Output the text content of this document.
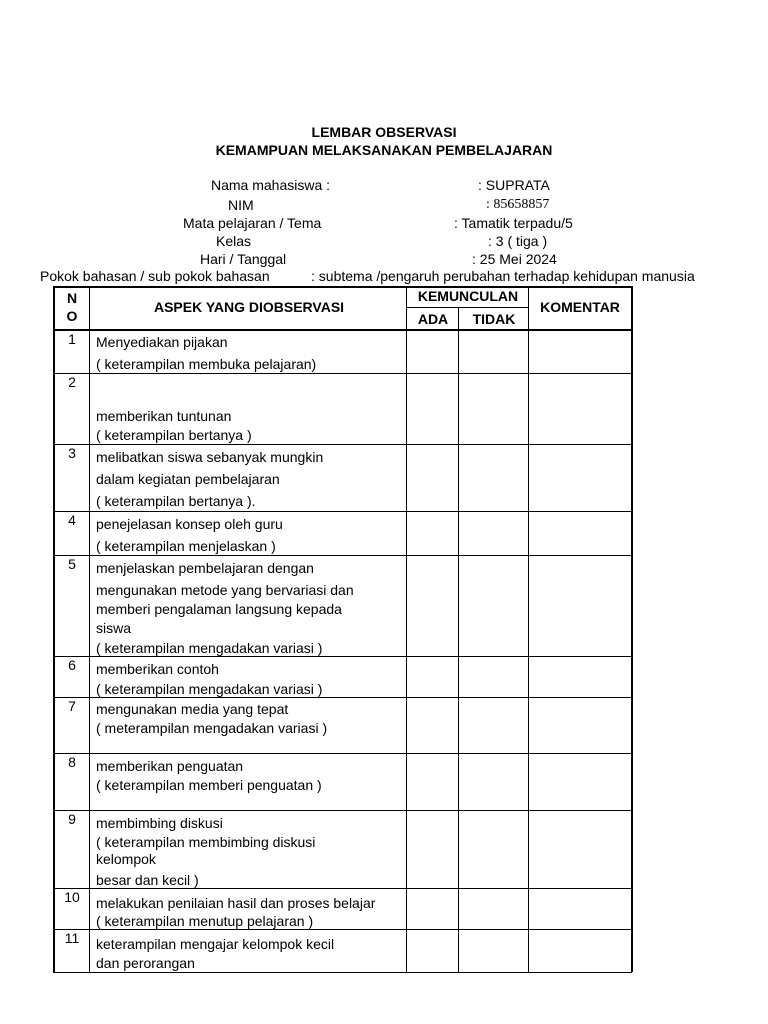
LEMBAR OBSERVASI
KEMAMPUAN MELAKSANAKAN PEMBELAJARAN
Nama mahasiswa :	: SUPRATA
NIM	: 85658857
Mata pelajaran / Tema	: Tamatik terpadu/5
Kelas	: 3 ( tiga )
Hari / Tanggal	: 25 Mei 2024
Pokok bahasan / sub pokok bahasan	: subtema /pengaruh perubahan terhadap kehidupan manusia
N
O
ASPEK YANG DIOBSERVASI
KEMUNCULAN
ADA	TIDAK
KOMENTAR
1	Menyediakan pijakan
( keterampilan membuka pelajaran)
2
memberikan tuntunan
( keterampilan bertanya )
3	melibatkan siswa sebanyak mungkin
dalam kegiatan pembelajaran
( keterampilan bertanya ).
4	penejelasan konsep oleh guru
( keterampilan menjelaskan )
5	menjelaskan pembelajaran dengan
mengunakan metode yang bervariasi dan
memberi pengalaman langsung kepada
siswa
( keterampilan mengadakan variasi )
6	memberikan contoh
( keterampilan mengadakan variasi )
7	mengunakan media yang tepat
( meterampilan mengadakan variasi )
8	memberikan penguatan
( keterampilan memberi penguatan )
9	membimbing diskusi
( keterampilan membimbing diskusi
kelompok
besar dan kecil )
10	melakukan penilaian hasil dan proses belajar
( keterampilan menutup pelajaran )
11	keterampilan mengajar kelompok kecil
dan perorangan
